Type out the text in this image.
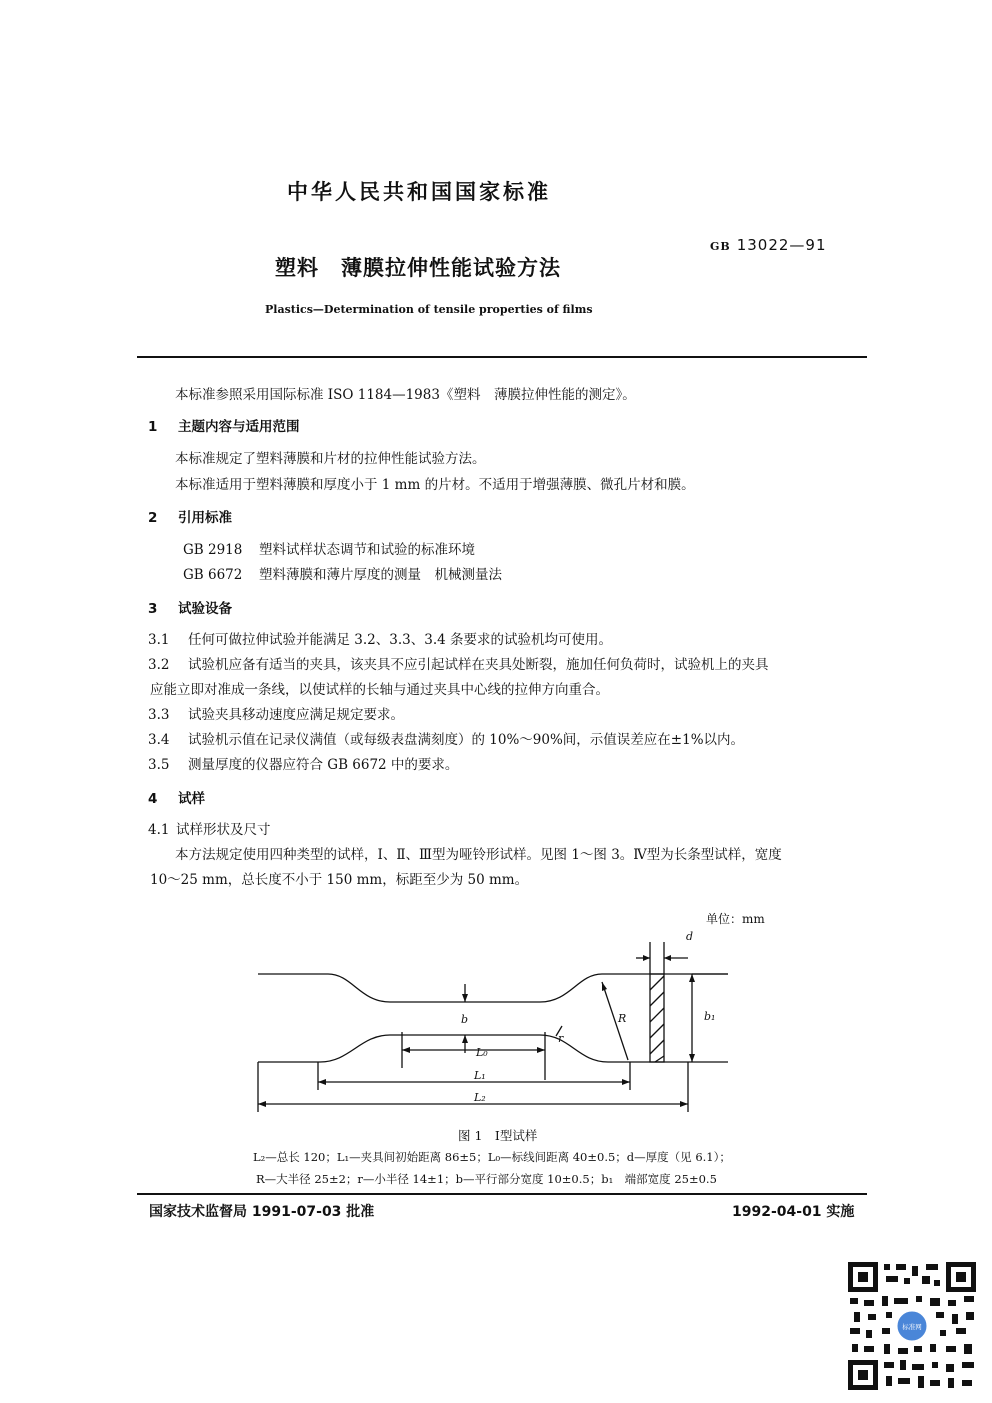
中华人民共和国国家标准
GB 13022—91
塑料　薄膜拉伸性能试验方法
Plastics—Determination of tensile properties of films
本标准参照采用国际标准 ISO 1184—1983《塑料　薄膜拉伸性能的测定》。
1 主题内容与适用范围
本标准规定了塑料薄膜和片材的拉伸性能试验方法。
本标准适用于塑料薄膜和厚度小于 1 mm 的片材。不适用于增强薄膜、微孔片材和膜。
2 引用标准
GB 2918 塑料试样状态调节和试验的标准环境
GB 6672 塑料薄膜和薄片厚度的测量　机械测量法
3 试验设备
3.1 任何可做拉伸试验并能满足 3.2、3.3、3.4 条要求的试验机均可使用。
3.2 试验机应备有适当的夹具，该夹具不应引起试样在夹具处断裂，施加任何负荷时，试验机上的夹具
应能立即对准成一条线，以使试样的长轴与通过夹具中心线的拉伸方向重合。
3.3 试验夹具移动速度应满足规定要求。
3.4 试验机示值在记录仪满值（或每级表盘满刻度）的 10%～90%间，示值误差应在±1%以内。
3.5 测量厚度的仪器应符合 GB 6672 中的要求。
4 试样
4.1 试样形状及尺寸
本方法规定使用四种类型的试样，Ⅰ、Ⅱ、Ⅲ型为哑铃形试样。见图 1～图 3。Ⅳ型为长条型试样，宽度
10～25 mm，总长度不小于 150 mm，标距至少为 50 mm。
单位：mm
d
b	b₁
R
r
L₀
L₁
L₂
图 1　Ⅰ型试样
L₂—总长 120；L₁—夹具间初始距离 86±5；L₀—标线间距离 40±0.5；d—厚度（见 6.1）；
R—大半径 25±2；r—小半径 14±1；b—平行部分宽度 10±0.5；b₁　端部宽度 25±0.5
国家技术监督局 1991-07-03 批准	1992-04-01 实施
标准网
